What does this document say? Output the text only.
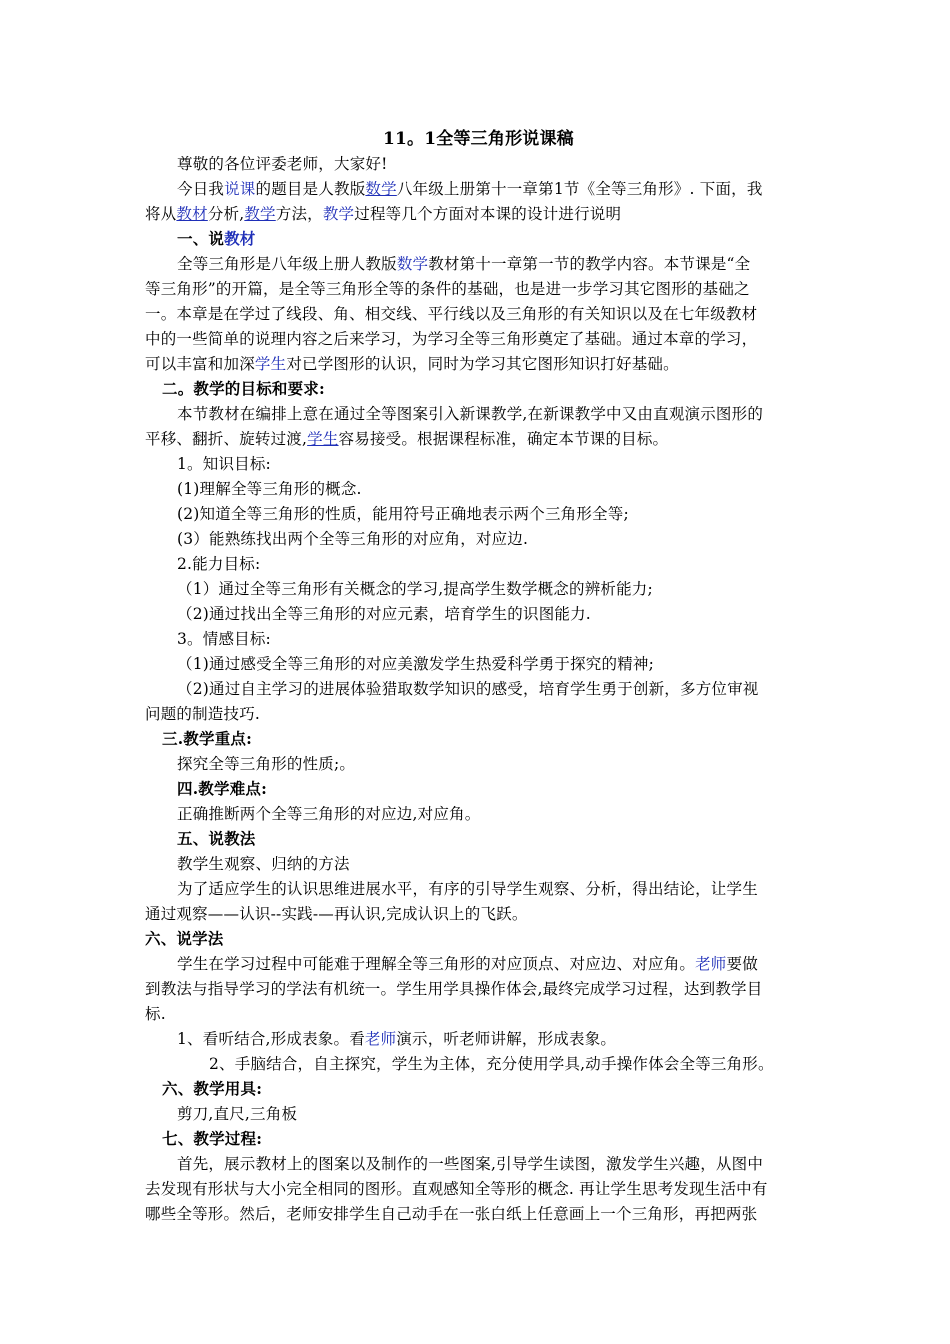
11。1全等三角形说课稿
尊敬的各位评委老师，大家好!
今日我说课的题目是人教版数学八年级上册第十一章第1节《全等三角形》. 下面，我
将从教材分析,教学方法，教学过程等几个方面对本课的设计进行说明
一、说教材
全等三角形是八年级上册人教版数学教材第十一章第一节的教学内容。本节课是“全
等三角形”的开篇，是全等三角形全等的条件的基础，也是进一步学习其它图形的基础之
一。本章是在学过了线段、角、相交线、平行线以及三角形的有关知识以及在七年级教材
中的一些简单的说理内容之后来学习，为学习全等三角形奠定了基础。通过本章的学习，
可以丰富和加深学生对已学图形的认识，同时为学习其它图形知识打好基础。
二。教学的目标和要求:
本节教材在编排上意在通过全等图案引入新课教学,在新课教学中又由直观演示图形的
平移、翻折、旋转过渡,学生容易接受。根据课程标准，确定本节课的目标。
1。知识目标:
(1)理解全等三角形的概念.
(2)知道全等三角形的性质，能用符号正确地表示两个三角形全等;
(3）能熟练找出两个全等三角形的对应角，对应边.
2.能力目标:
（1）通过全等三角形有关概念的学习,提高学生数学概念的辨析能力;
（2)通过找出全等三角形的对应元素，培育学生的识图能力.
3。情感目标:
（1)通过感受全等三角形的对应美激发学生热爱科学勇于探究的精神;
（2)通过自主学习的进展体验猎取数学知识的感受，培育学生勇于创新，多方位审视
问题的制造技巧.
三.教学重点:
探究全等三角形的性质;。
四.教学难点:
正确推断两个全等三角形的对应边,对应角。
五、说教法
教学生观察、归纳的方法
为了适应学生的认识思维进展水平，有序的引导学生观察、分析，得出结论，让学生
通过观察——认识--实践-—再认识,完成认识上的飞跃。
六、说学法
学生在学习过程中可能难于理解全等三角形的对应顶点、对应边、对应角。老师要做
到教法与指导学习的学法有机统一。学生用学具操作体会,最终完成学习过程，达到教学目
标.
1、看听结合,形成表象。看老师演示，听老师讲解，形成表象。
2、手脑结合，自主探究，学生为主体，充分使用学具,动手操作体会全等三角形。
六、教学用具:
剪刀,直尺,三角板
七、教学过程:
首先，展示教材上的图案以及制作的一些图案,引导学生读图，激发学生兴趣，从图中
去发现有形状与大小完全相同的图形。直观感知全等形的概念. 再让学生思考发现生活中有
哪些全等形。然后，老师安排学生自己动手在一张白纸上任意画上一个三角形，再把两张
